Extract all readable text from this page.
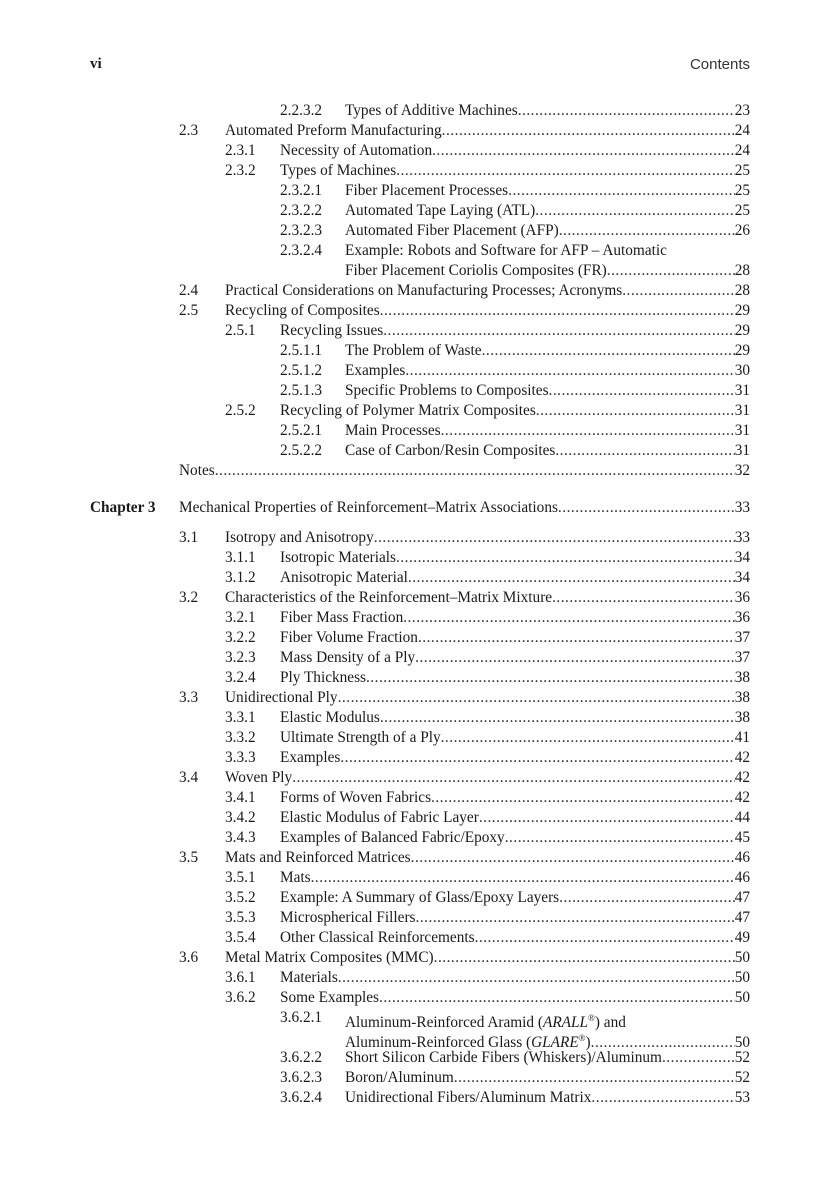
vi	Contents
2.2.3.2 Types of Additive Machines .....	23
2.3 Automated Preform Manufacturing .....	24
2.3.1 Necessity of Automation .....	24
2.3.2 Types of Machines .....	25
2.3.2.1 Fiber Placement Processes .....	25
2.3.2.2 Automated Tape Laying (ATL) .....	25
2.3.2.3 Automated Fiber Placement (AFP) .....	26
2.3.2.4 Example: Robots and Software for AFP – Automatic
Fiber Placement Coriolis Composites (FR) .....	28
2.4 Practical Considerations on Manufacturing Processes; Acronyms .....	28
2.5 Recycling of Composites .....	29
2.5.1 Recycling Issues .....	29
2.5.1.1 The Problem of Waste .....	29
2.5.1.2 Examples .....	30
2.5.1.3 Specific Problems to Composites .....	31
2.5.2 Recycling of Polymer Matrix Composites .....	31
2.5.2.1 Main Processes .....	31
2.5.2.2 Case of Carbon/Resin Composites .....	31
Notes .....	32
Chapter 3 Mechanical Properties of Reinforcement–Matrix Associations .....	33
3.1 Isotropy and Anisotropy .....	33
3.1.1 Isotropic Materials .....	34
3.1.2 Anisotropic Material .....	34
3.2 Characteristics of the Reinforcement–Matrix Mixture .....	36
3.2.1 Fiber Mass Fraction .....	36
3.2.2 Fiber Volume Fraction .....	37
3.2.3 Mass Density of a Ply .....	37
3.2.4 Ply Thickness .....	38
3.3 Unidirectional Ply .....	38
3.3.1 Elastic Modulus .....	38
3.3.2 Ultimate Strength of a Ply .....	41
3.3.3 Examples .....	42
3.4 Woven Ply .....	42
3.4.1 Forms of Woven Fabrics .....	42
3.4.2 Elastic Modulus of Fabric Layer .....	44
3.4.3 Examples of Balanced Fabric/Epoxy .....	45
3.5 Mats and Reinforced Matrices .....	46
3.5.1 Mats .....	46
3.5.2 Example: A Summary of Glass/Epoxy Layers .....	47
3.5.3 Microspherical Fillers .....	47
3.5.4 Other Classical Reinforcements .....	49
3.6 Metal Matrix Composites (MMC) .....	50
3.6.1 Materials .....	50
3.6.2 Some Examples .....	50
3.6.2.1 Aluminum-Reinforced Aramid (ARALL®) and
Aluminum-Reinforced Glass (GLARE®) .....	50
3.6.2.2 Short Silicon Carbide Fibers (Whiskers)/Aluminum .....	52
3.6.2.3 Boron/Aluminum .....	52
3.6.2.4 Unidirectional Fibers/Aluminum Matrix .....	53
